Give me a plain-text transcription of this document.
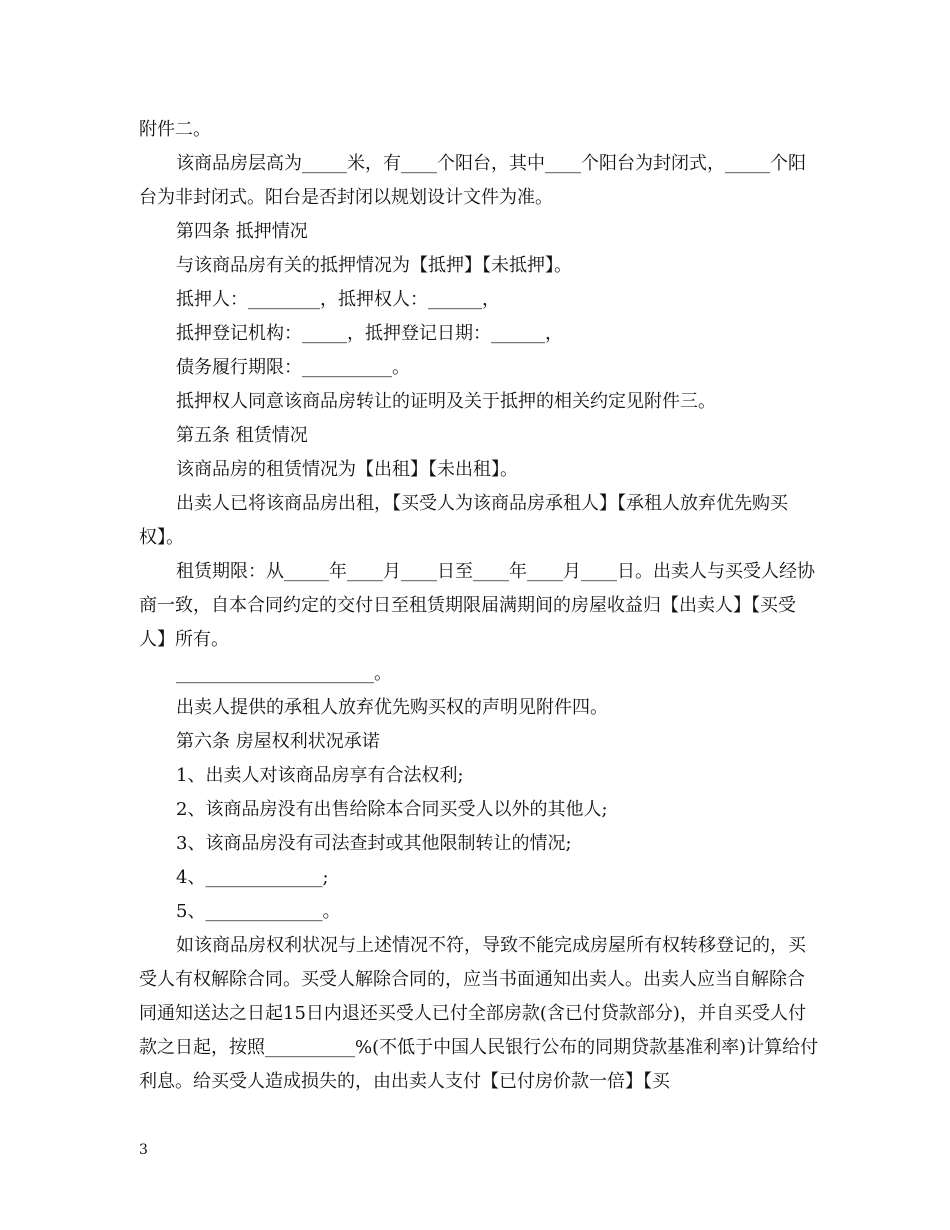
附件二。

该商品房层高为_____米，有____个阳台，其中____个阳台为封闭式，_____个阳台为非封闭式。阳台是否封闭以规划设计文件为准。

第四条 抵押情况

与该商品房有关的抵押情况为【抵押】【未抵押】。

抵押人：________，抵押权人：______，

抵押登记机构：_____，抵押登记日期：______，

债务履行期限：__________。

抵押权人同意该商品房转让的证明及关于抵押的相关约定见附件三。

第五条 租赁情况

该商品房的租赁情况为【出租】【未出租】。

出卖人已将该商品房出租，【买受人为该商品房承租人】【承租人放弃优先购买权】。

租赁期限：从_____年____月____日至____年____月____日。出卖人与买受人经协商一致，自本合同约定的交付日至租赁期限届满期间的房屋收益归【出卖人】【买受人】所有。

______________________。

出卖人提供的承租人放弃优先购买权的声明见附件四。

第六条 房屋权利状况承诺

1、出卖人对该商品房享有合法权利;

2、该商品房没有出售给除本合同买受人以外的其他人;

3、该商品房没有司法查封或其他限制转让的情况;

4、_____________;

5、_____________。

如该商品房权利状况与上述情况不符，导致不能完成房屋所有权转移登记的，买受人有权解除合同。买受人解除合同的，应当书面通知出卖人。出卖人应当自解除合同通知送达之日起15日内退还买受人已付全部房款(含已付贷款部分)，并自买受人付款之日起，按照__________%(不低于中国人民银行公布的同期贷款基准利率)计算给付利息。给买受人造成损失的，由出卖人支付【已付房价款一倍】【买

3
